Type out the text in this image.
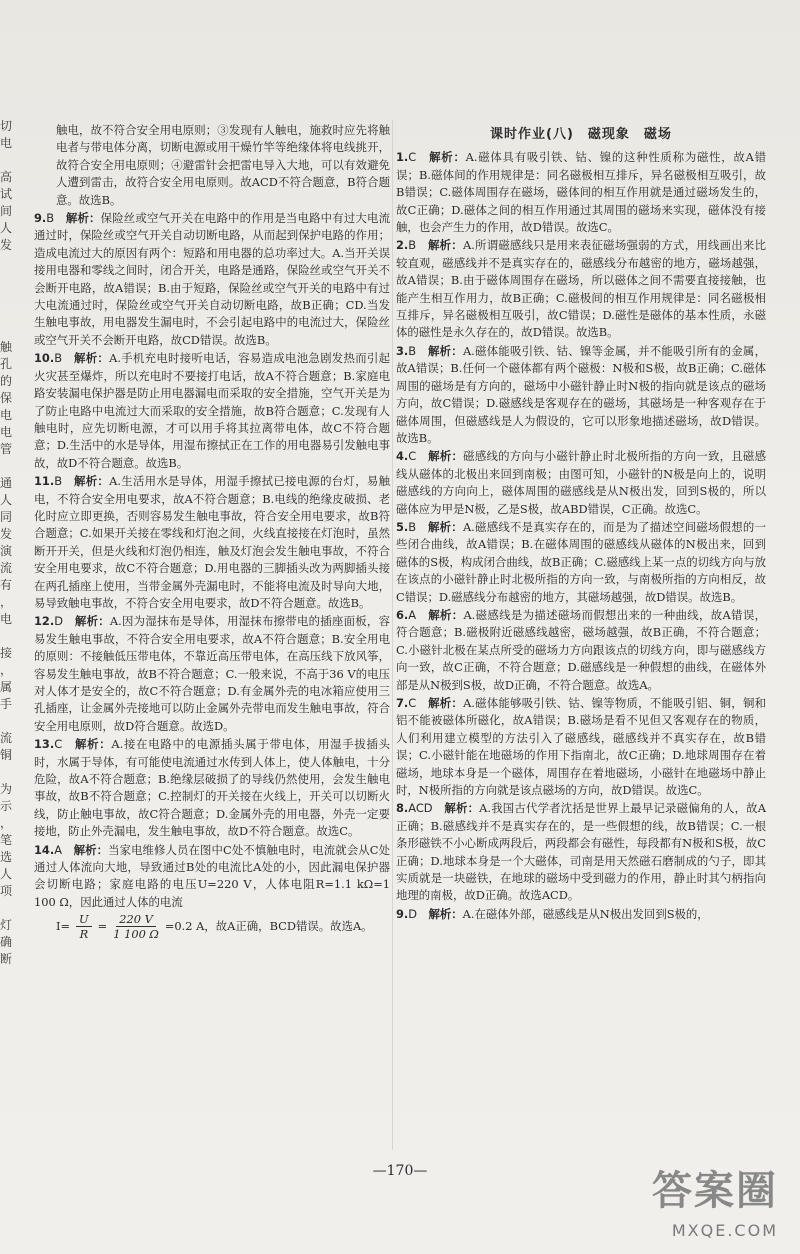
切
电

高
试
间
人
发

触
孔
的
保
电
电
管

通
人
同
发
演
流
有
，
电

接
，
属
手

流
铜

为
示
，
笔
选
人
项

灯
确
断
触电，故不符合安全用电原则；③发现有人触电，施救时应先将触电者与带电体分离，切断电源或用干燥竹竿等绝缘体将电线挑开，故符合安全用电原则；④避雷针会把雷电导入大地，可以有效避免人遭到雷击，故符合安全用电原则。故ACD不符合题意，B符合题意。故选B。
9.B　 解析：保险丝或空气开关在电路中的作用是当电路中有过大电流通过时，保险丝或空气开关自动切断电路，从而起到保护电路的作用；造成电流过大的原因有两个：短路和用电器的总功率过大。A.当开关误接用电器和零线之间时，闭合开关，电路是通路，保险丝或空气开关不会断开电路，故A错误；B.由于短路，保险丝或空气开关的电路中有过大电流通过时，保险丝或空气开关自动切断电路，故B正确；CD.当发生触电事故，用电器发生漏电时，不会引起电路中的电流过大，保险丝或空气开关不会断开电路，故CD错误。故选B。
10.B　 解析：A.手机充电时接听电话，容易造成电池急剧发热而引起火灾甚至爆炸，所以充电时不要接打电话，故A不符合题意；B.家庭电路安装漏电保护器是防止用电器漏电而采取的安全措施，空气开关是为了防止电路中电流过大而采取的安全措施，故B符合题意；C.发现有人触电时，应先切断电源，才可以用手将其拉离带电体，故C不符合题意；D.生活中的水是导体，用湿布擦拭正在工作的用电器易引发触电事故，故D不符合题意。故选B。
11.B　 解析：A.生活用水是导体，用湿手擦拭已接电源的台灯，易触电，不符合安全用电要求，故A不符合题意；B.电线的绝缘皮破损、老化时应立即更换，否则容易发生触电事故，符合安全用电要求，故B符合题意；C.如果开关接在零线和灯泡之间，火线直接接在灯泡时，虽然断开开关，但是火线和灯泡仍相连，触及灯泡会发生触电事故，不符合安全用电要求，故C不符合题意；D.用电器的三脚插头改为两脚插头接在两孔插座上使用，当带金属外壳漏电时，不能将电流及时导向大地，易导致触电事故，不符合安全用电要求，故D不符合题意。故选B。
12.D　 解析：A.因为湿抹布是导体，用湿抹布擦带电的插座面板，容易发生触电事故，不符合安全用电要求，故A不符合题意；B.安全用电的原则：不接触低压带电体，不靠近高压带电体，在高压线下放风筝，容易发生触电事故，故B不符合题意；C.一般来说，不高于36 V的电压对人体才是安全的，故C不符合题意；D.有金属外壳的电冰箱应使用三孔插座，让金属外壳接地可以防止金属外壳带电而发生触电事故，符合安全用电原则，故D符合题意。故选D。
13.C　 解析：A.接在电路中的电源插头属于带电体，用湿手拔插头时，水属于导体，有可能使电流通过水传到人体上，使人体触电，十分危险，故A不符合题意；B.绝缘层破损了的导线仍然使用，会发生触电事故，故B不符合题意；C.控制灯的开关接在火线上，开关可以切断火线，防止触电事故，故C符合题意；D.金属外壳的用电器，外壳一定要接地，防止外壳漏电，发生触电事故，故D不符合题意。故选C。
14.A　 解析：当家电维修人员在图中C处不慎触电时，电流就会从C处通过人体流向大地，导致通过B处的电流比A处的小，因此漏电保护器会切断电路；家庭电路的电压U=220 V，人体电阻R=1.1 kΩ=1 100 Ω，因此通过人体的电流
$I= \frac{U}{R} = \frac{220 V}{1 100 \Omega} =0.2$ A，故A正确，BCD错误。故选A。
课时作业(八)　磁现象　磁场
1.C　 解析：A.磁体具有吸引铁、钴、镍的这种性质称为磁性，故A错误；B.磁体间的作用规律是：同名磁极相互排斥，异名磁极相互吸引，故B错误；C.磁体周围存在磁场，磁体间的相互作用就是通过磁场发生的，故C正确；D.磁体之间的相互作用通过其周围的磁场来实现，磁体没有接触，也会产生力的作用，故D错误。故选C。
2.B　 解析：A.所谓磁感线只是用来表征磁场强弱的方式，用线画出来比较直观，磁感线并不是真实存在的，磁感线分布越密的地方，磁场越强，故A错误；B.由于磁体周围存在磁场，所以磁体之间不需要直接接触，也能产生相互作用力，故B正确；C.磁极间的相互作用规律是：同名磁极相互排斥，异名磁极相互吸引，故C错误；D.磁性是磁体的基本性质，永磁体的磁性是永久存在的，故D错误。故选B。
3.B　 解析：A.磁体能吸引铁、钴、镍等金属，并不能吸引所有的金属，故A错误；B.任何一个磁体都有两个磁极：N极和S极，故B正确；C.磁体周围的磁场是有方向的，磁场中小磁针静止时N极的指向就是该点的磁场方向，故C错误；D.磁感线是客观存在的磁场，其磁场是一种客观存在于磁体周围，但磁感线是人为假设的，它可以形象地描述磁场，故D错误。故选B。
4.C　 解析：磁感线的方向与小磁针静止时北极所指的方向一致，且磁感线从磁体的北极出来回到南极；由图可知，小磁针的N极是向上的，说明磁感线的方向向上，磁体周围的磁感线是从N极出发，回到S极的，所以磁体应为甲是N极，乙是S极，故ABD错误，C正确。故选C。
5.B　 解析：A.磁感线不是真实存在的，而是为了描述空间磁场假想的一些闭合曲线，故A错误；B.在磁体周围的磁感线从磁体的N极出来，回到磁体的S极，构成闭合曲线，故B正确；C.磁感线上某一点的切线方向与放在该点的小磁针静止时北极所指的方向一致，与南极所指的方向相反，故C错误；D.磁感线分布越密的地方，其磁场越强，故D错误。故选B。
6.A　 解析：A.磁感线是为描述磁场而假想出来的一种曲线，故A错误，符合题意；B.磁极附近磁感线越密，磁场越强，故B正确，不符合题意；C.小磁针北极在某点所受的磁场力方向跟该点的切线方向，即与磁感线方向一致，故C正确，不符合题意；D.磁感线是一种假想的曲线，在磁体外部是从N极到S极，故D正确，不符合题意。故选A。
7.C　 解析：A.磁体能够吸引铁、钴、镍等物质，不能吸引铝、铜，铜和铝不能被磁体所磁化，故A错误；B.磁场是看不见但又客观存在的物质，人们利用建立模型的方法引入了磁感线，磁感线并不真实存在，故B错误；C.小磁针能在地磁场的作用下指南北，故C正确；D.地球周围存在着磁场，地球本身是一个磁体，周围存在着地磁场，小磁针在地磁场中静止时，N极所指的方向就是该点磁场的方向，故D错误。故选C。
8.ACD　 解析：A.我国古代学者沈括是世界上最早记录磁偏角的人，故A正确；B.磁感线并不是真实存在的，是一些假想的线，故B错误；C.一根条形磁铁不小心断成两段后，两段都会有磁性，每段都有N极和S极，故C正确；D.地球本身是一个大磁体，司南是用天然磁石磨制成的勺子，即其实质就是一块磁铁，在地球的磁场中受到磁力的作用，静止时其勺柄指向地理的南极，故D正确。故选ACD。
9.D　 解析：A.在磁体外部，磁感线是从N极出发回到S极的，
—170—	答案圈
MXQE.COM
